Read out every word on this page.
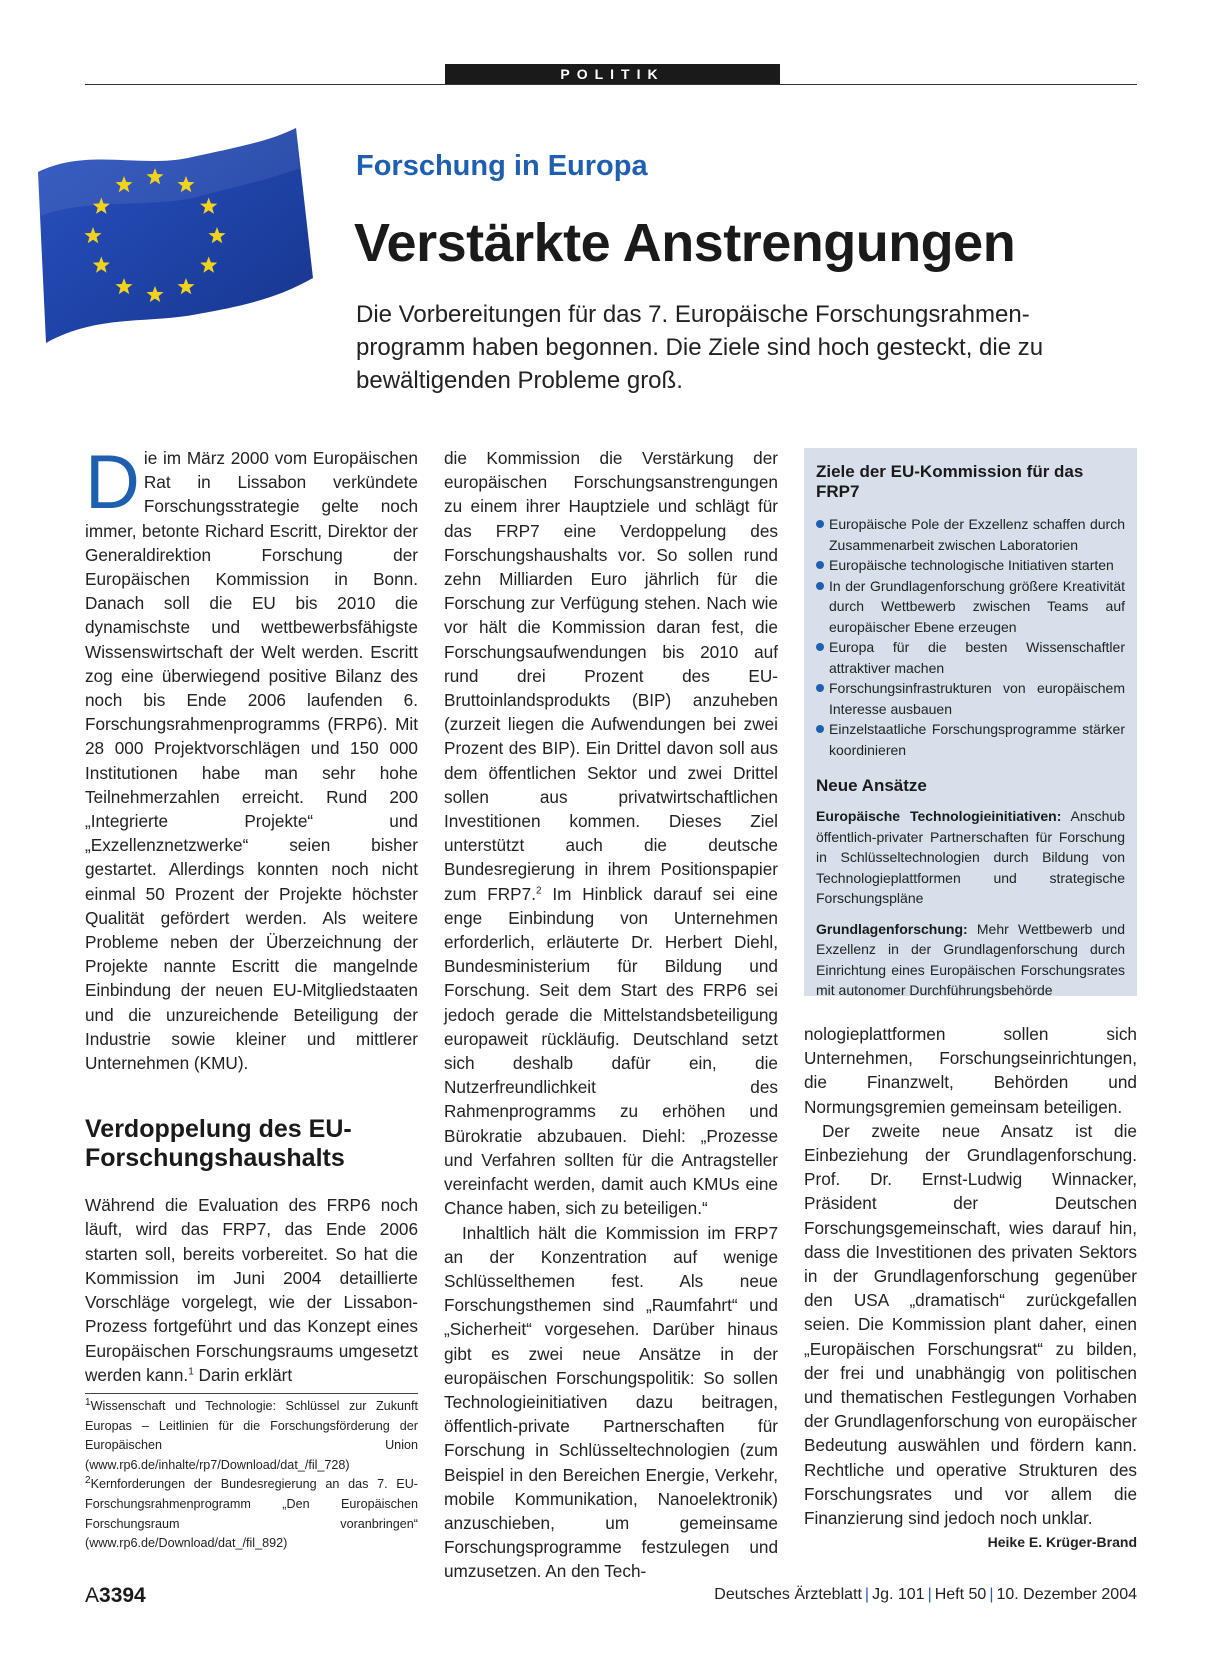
POLITIK
Forschung in Europa
Verstärkte Anstrengungen

Die Vorbereitungen für das 7. Europäische Forschungsrahmenprogramm haben begonnen. Die Ziele sind hoch gesteckt, die zu bewältigenden Probleme groß.

Die im März 2000 vom Europäischen Rat in Lissabon verkündete Forschungsstrategie gelte noch immer, betonte Richard Escritt, Direktor der Generaldirektion Forschung der Europäischen Kommission in Bonn. Danach soll die EU bis 2010 die dynamischste und wettbewerbsfähigste Wissenswirtschaft der Welt werden. Escritt zog eine überwiegend positive Bilanz des noch bis Ende 2006 laufenden 6. Forschungsrahmenprogramms (FRP6). Mit 28 000 Projektvorschlägen und 150 000 Institutionen habe man sehr hohe Teilnehmerzahlen erreicht. Rund 200 „Integrierte Projekte“ und „Exzellenznetzwerke“ seien bisher gestartet. Allerdings konnten noch nicht einmal 50 Prozent der Projekte höchster Qualität gefördert werden. Als weitere Probleme neben der Überzeichnung der Projekte nannte Escritt die mangelnde Einbindung der neuen EU-Mitgliedstaaten und die unzureichende Beteiligung der Industrie sowie kleiner und mittlerer Unternehmen (KMU).

Verdoppelung des EU-Forschungshaushalts

Während die Evaluation des FRP6 noch läuft, wird das FRP7, das Ende 2006 starten soll, bereits vorbereitet. So hat die Kommission im Juni 2004 detaillierte Vorschläge vorgelegt, wie der Lissabon-Prozess fortgeführt und das Konzept eines Europäischen Forschungsraums umgesetzt werden kann.$^1$ Darin erklärt

$^1$Wissenschaft und Technologie: Schlüssel zur Zukunft Europas – Leitlinien für die Forschungsförderung der Europäischen Union (www.rp6.de/inhalte/rp7/Download/dat_/fil_728)

$^2$Kernforderungen der Bundesregierung an das 7. EU-Forschungsrahmenprogramm „Den Europäischen Forschungsraum voranbringen“ (www.rp6.de/Download/dat_/fil_892)

die Kommission die Verstärkung der europäischen Forschungsanstrengungen zu einem ihrer Hauptziele und schlägt für das FRP7 eine Verdoppelung des Forschungshaushalts vor. So sollen rund zehn Milliarden Euro jährlich für die Forschung zur Verfügung stehen. Nach wie vor hält die Kommission daran fest, die Forschungsaufwendungen bis 2010 auf rund drei Prozent des EU-Bruttoinlandsprodukts (BIP) anzuheben (zurzeit liegen die Aufwendungen bei zwei Prozent des BIP). Ein Drittel davon soll aus dem öffentlichen Sektor und zwei Drittel sollen aus privatwirtschaftlichen Investitionen kommen. Dieses Ziel unterstützt auch die deutsche Bundesregierung in ihrem Positionspapier zum FRP7.$^2$ Im Hinblick darauf sei eine enge Einbindung von Unternehmen erforderlich, erläuterte Dr. Herbert Diehl, Bundesministerium für Bildung und Forschung. Seit dem Start des FRP6 sei jedoch gerade die Mittelstandsbeteiligung europaweit rückläufig. Deutschland setzt sich deshalb dafür ein, die Nutzerfreundlichkeit des Rahmenprogramms zu erhöhen und Bürokratie abzubauen. Diehl: „Prozesse und Verfahren sollten für die Antragsteller vereinfacht werden, damit auch KMUs eine Chance haben, sich zu beteiligen.“

Inhaltlich hält die Kommission im FRP7 an der Konzentration auf wenige Schlüsselthemen fest. Als neue Forschungsthemen sind „Raumfahrt“ und „Sicherheit“ vorgesehen. Darüber hinaus gibt es zwei neue Ansätze in der europäischen Forschungspolitik: So sollen Technologieinitiativen dazu beitragen, öffentlich-private Partnerschaften für Forschung in Schlüsseltechnologien (zum Beispiel in den Bereichen Energie, Verkehr, mobile Kommunikation, Nanoelektronik) anzuschieben, um gemeinsame Forschungsprogramme festzulegen und umzusetzen. An den Tech-

Ziele der EU-Kommission für das FRP7

Europäische Pole der Exzellenz schaffen durch Zusammenarbeit zwischen Laboratorien
Europäische technologische Initiativen starten
In der Grundlagenforschung größere Kreativität durch Wettbewerb zwischen Teams auf europäischer Ebene erzeugen
Europa für die besten Wissenschaftler attraktiver machen
Forschungsinfrastrukturen von europäischem Interesse ausbauen
Einzelstaatliche Forschungsprogramme stärker koordinieren

Neue Ansätze

Europäische Technologieinitiativen: Anschub öffentlich-privater Partnerschaften für Forschung in Schlüsseltechnologien durch Bildung von Technologieplattformen und strategische Forschungspläne

Grundlagenforschung: Mehr Wettbewerb und Exzellenz in der Grundlagenforschung durch Einrichtung eines Europäischen Forschungsrates mit autonomer Durchführungsbehörde

nologieplattformen sollen sich Unternehmen, Forschungseinrichtungen, die Finanzwelt, Behörden und Normungsgremien gemeinsam beteiligen.

Der zweite neue Ansatz ist die Einbeziehung der Grundlagenforschung. Prof. Dr. Ernst-Ludwig Winnacker, Präsident der Deutschen Forschungsgemeinschaft, wies darauf hin, dass die Investitionen des privaten Sektors in der Grundlagenforschung gegenüber den USA „dramatisch“ zurückgefallen seien. Die Kommission plant daher, einen „Europäischen Forschungsrat“ zu bilden, der frei und unabhängig von politischen und thematischen Festlegungen Vorhaben der Grundlagenforschung von europäischer Bedeutung auswählen und fördern kann. Rechtliche und operative Strukturen des Forschungsrates und vor allem die Finanzierung sind jedoch noch unklar.
Heike E. Krüger-Brand

A3394	Deutsches Ärzteblatt | Jg. 101 | Heft 50 | 10. Dezember 2004
